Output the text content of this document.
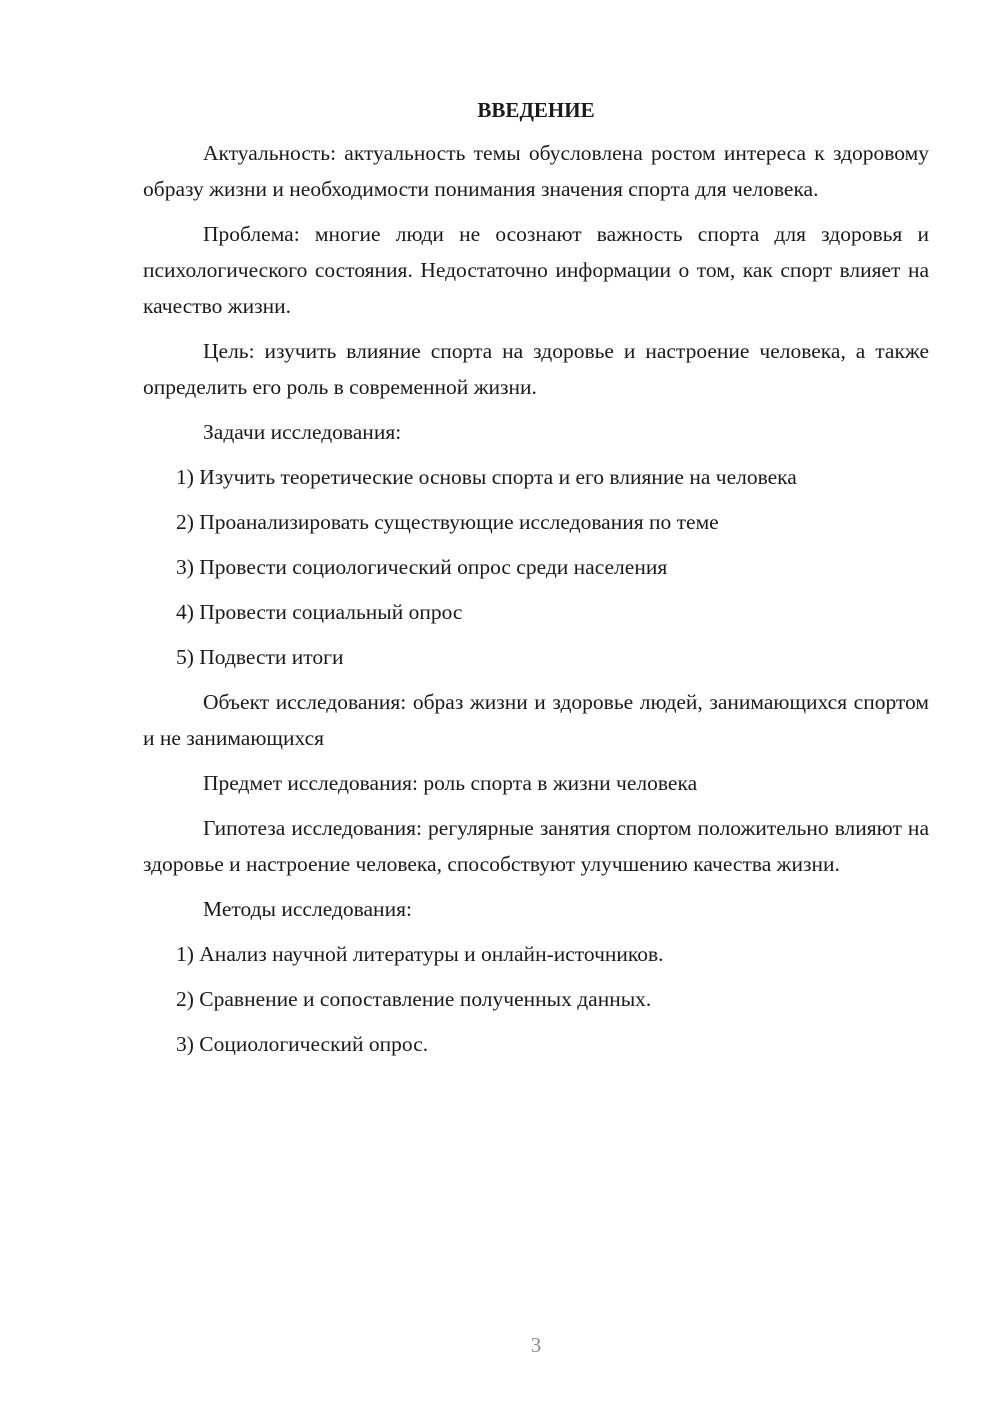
ВВЕДЕНИЕ

Актуальность: актуальность темы обусловлена ростом интереса к здоровому образу жизни и необходимости понимания значения спорта для человека.

Проблема: многие люди не осознают важность спорта для здоровья и психологического состояния. Недостаточно информации о том, как спорт влияет на качество жизни.

Цель: изучить влияние спорта на здоровье и настроение человека, а также определить его роль в современной жизни.

Задачи исследования:

1) Изучить теоретические основы спорта и его влияние на человека
2) Проанализировать существующие исследования по теме
3) Провести социологический опрос среди населения
4) Провести социальный опрос
5) Подвести итоги

Объект исследования: образ жизни и здоровье людей, занимающихся спортом и не занимающихся

Предмет исследования: роль спорта в жизни человека

Гипотеза исследования: регулярные занятия спортом положительно влияют на здоровье и настроение человека, способствуют улучшению качества жизни.

Методы исследования:

1) Анализ научной литературы и онлайн-источников.
2) Сравнение и сопоставление полученных данных.
3) Социологический опрос.
3
